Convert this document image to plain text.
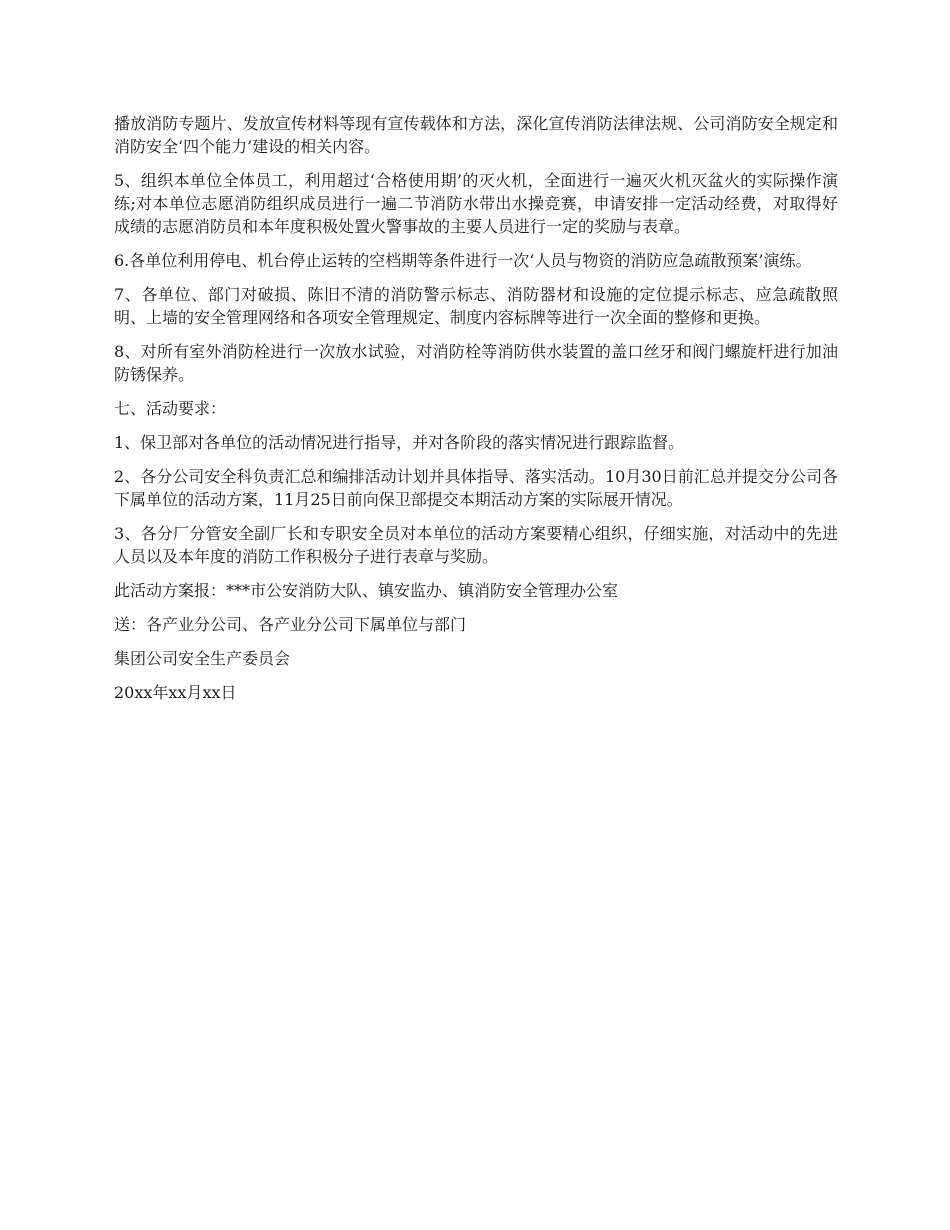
播放消防专题片、发放宣传材料等现有宣传载体和方法，深化宣传消防法律法规、公司消防安全规定和消防安全‘四个能力’建设的相关内容。

5、组织本单位全体员工，利用超过‘合格使用期’的灭火机，全面进行一遍灭火机灭盆火的实际操作演练;对本单位志愿消防组织成员进行一遍二节消防水带出水操竞赛，申请安排一定活动经费，对取得好成绩的志愿消防员和本年度积极处置火警事故的主要人员进行一定的奖励与表章。

6.各单位利用停电、机台停止运转的空档期等条件进行一次‘人员与物资的消防应急疏散预案’演练。

7、各单位、部门对破损、陈旧不清的消防警示标志、消防器材和设施的定位提示标志、应急疏散照明、上墙的安全管理网络和各项安全管理规定、制度内容标牌等进行一次全面的整修和更换。

8、对所有室外消防栓进行一次放水试验，对消防栓等消防供水装置的盖口丝牙和阀门螺旋杆进行加油防锈保养。

七、活动要求：

1、保卫部对各单位的活动情况进行指导，并对各阶段的落实情况进行跟踪监督。

2、各分公司安全科负责汇总和编排活动计划并具体指导、落实活动。10月30日前汇总并提交分公司各下属单位的活动方案，11月25日前向保卫部提交本期活动方案的实际展开情况。

3、各分厂分管安全副厂长和专职安全员对本单位的活动方案要精心组织，仔细实施，对活动中的先进人员以及本年度的消防工作积极分子进行表章与奖励。

此活动方案报：***市公安消防大队、镇安监办、镇消防安全管理办公室

送：各产业分公司、各产业分公司下属单位与部门

集团公司安全生产委员会

20xx年xx月xx日
